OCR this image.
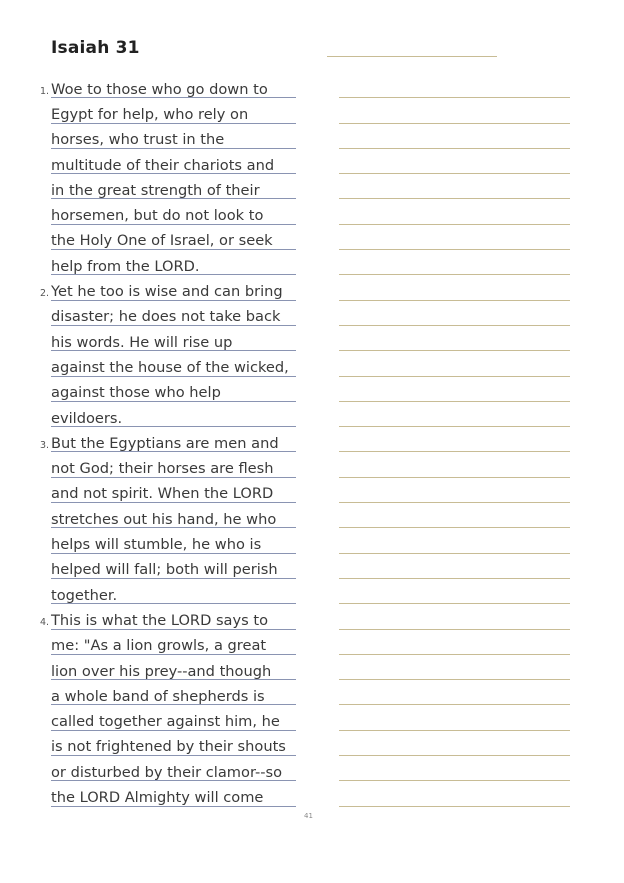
Isaiah 31
1. Woe to those who go down to
Egypt for help, who rely on
horses, who trust in the
multitude of their chariots and
in the great strength of their
horsemen, but do not look to
the Holy One of Israel, or seek
help from the LORD.
2. Yet he too is wise and can bring
disaster; he does not take back
his words. He will rise up
against the house of the wicked,
against those who help
evildoers.
3. But the Egyptians are men and
not God; their horses are flesh
and not spirit. When the LORD
stretches out his hand, he who
helps will stumble, he who is
helped will fall; both will perish
together.
4. This is what the LORD says to
me: "As a lion growls, a great
lion over his prey--and though
a whole band of shepherds is
called together against him, he
is not frightened by their shouts
or disturbed by their clamor--so
the LORD Almighty will come
41
